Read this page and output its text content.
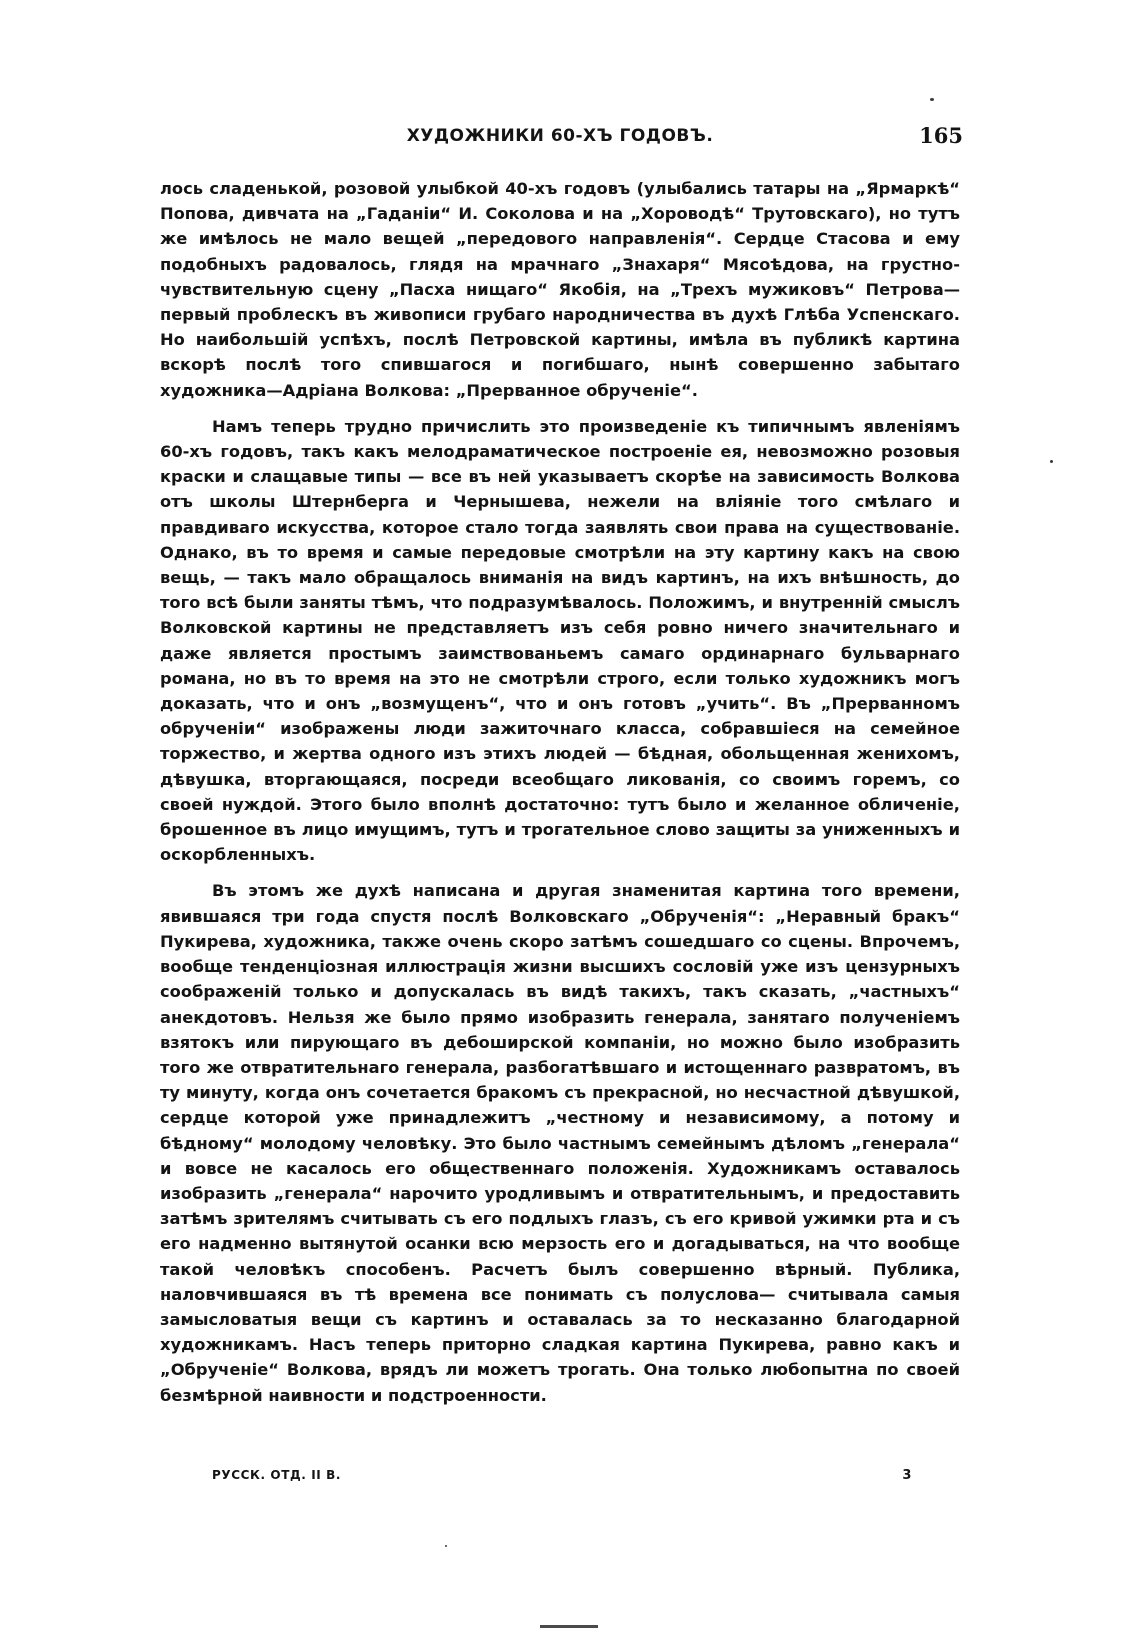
ХУДОЖНИКИ 60-ХЪ ГОДОВЪ.	165

лось сладенькой, розовой улыбкой 40-хъ годовъ (улыбались татары на „Ярмаркѣ“ Попова, дивчата на „Гаданіи“ И. Соколова и на „Хороводѣ“ Трутовскаго), но тутъ же имѣлось не мало вещей „передового направленія“. Сердце Стасова и ему подобныхъ радовалось, глядя на мрачнаго „Знахаря“ Мясоѣдова, на грустно-чувствительную сцену „Пасха нищаго“ Якобія, на „Трехъ мужиковъ“ Петрова—первый проблескъ въ живописи грубаго народничества въ духѣ Глѣба Успенскаго. Но наибольшій успѣхъ, послѣ Петровской картины, имѣла въ публикѣ картина вскорѣ послѣ того спившагося и погибшаго, нынѣ совершенно забытаго художника—Адріана Волкова: „Прерванное обрученіе“.

Намъ теперь трудно причислить это произведеніе къ типичнымъ явленіямъ 60-хъ годовъ, такъ какъ мелодраматическое построеніе ея, невозможно розовыя краски и слащавые типы — все въ ней указываетъ скорѣе на зависимость Волкова отъ школы Штернберга и Чернышева, нежели на вліяніе того смѣлаго и правдиваго искусства, которое стало тогда заявлять свои права на существованіе. Однако, въ то время и самые передовые смотрѣли на эту картину какъ на свою вещь, — такъ мало обращалось вниманія на видъ картинъ, на ихъ внѣшность, до того всѣ были заняты тѣмъ, что подразумѣвалось. Положимъ, и внутренній смыслъ Волковской картины не представляетъ изъ себя ровно ничего значительнаго и даже является простымъ заимствованьемъ самаго ординарнаго бульварнаго романа, но въ то время на это не смотрѣли строго, если только художникъ могъ доказать, что и онъ „возмущенъ“, что и онъ готовъ „учить“. Въ „Прерванномъ обрученіи“ изображены люди зажиточнаго класса, собравшіеся на семейное торжество, и жертва одного изъ этихъ людей — бѣдная, обольщенная женихомъ, дѣвушка, вторгающаяся, посреди всеобщаго ликованія, со своимъ горемъ, со своей нуждой. Этого было вполнѣ достаточно: тутъ было и желанное обличеніе, брошенное въ лицо имущимъ, тутъ и трогательное слово защиты за униженныхъ и оскорбленныхъ.

Въ этомъ же духѣ написана и другая знаменитая картина того времени, явившаяся три года спустя послѣ Волковскаго „Обрученія“: „Неравный бракъ“ Пукирева, художника, также очень скоро затѣмъ сошедшаго со сцены. Впрочемъ, вообще тенденціозная иллюстрація жизни высшихъ сословій уже изъ цензурныхъ соображеній только и допускалась въ видѣ такихъ, такъ сказать, „частныхъ“ анекдотовъ. Нельзя же было прямо изобразить генерала, занятаго полученіемъ взятокъ или пирующаго въ дебоширской компаніи, но можно было изобразить того же отвратительнаго генерала, разбогатѣвшаго и истощеннаго развратомъ, въ ту минуту, когда онъ сочетается бракомъ съ прекрасной, но несчастной дѣвушкой, сердце которой уже принадлежитъ „честному и независимому, а потому и бѣдному“ молодому человѣку. Это было частнымъ семейнымъ дѣломъ „генерала“ и вовсе не касалось его общественнаго положенія. Художникамъ оставалось изобразить „генерала“ нарочито уродливымъ и отвратительнымъ, и предоставить затѣмъ зрителямъ считывать съ его подлыхъ глазъ, съ его кривой ужимки рта и съ его надменно вытянутой осанки всю мерзость его и догадываться, на что вообще такой человѣкъ способенъ. Расчетъ былъ совершенно вѣрный. Публика, наловчившаяся въ тѣ времена все понимать съ полуслова— считывала самыя замысловатыя вещи съ картинъ и оставалась за то несказанно благодарной художникамъ. Насъ теперь приторно сладкая картина Пукирева, равно какъ и „Обрученіе“ Волкова, врядъ ли можетъ трогать. Она только любопытна по своей безмѣрной наивности и подстроенности.

РУССК. ОТД. II В.	3
